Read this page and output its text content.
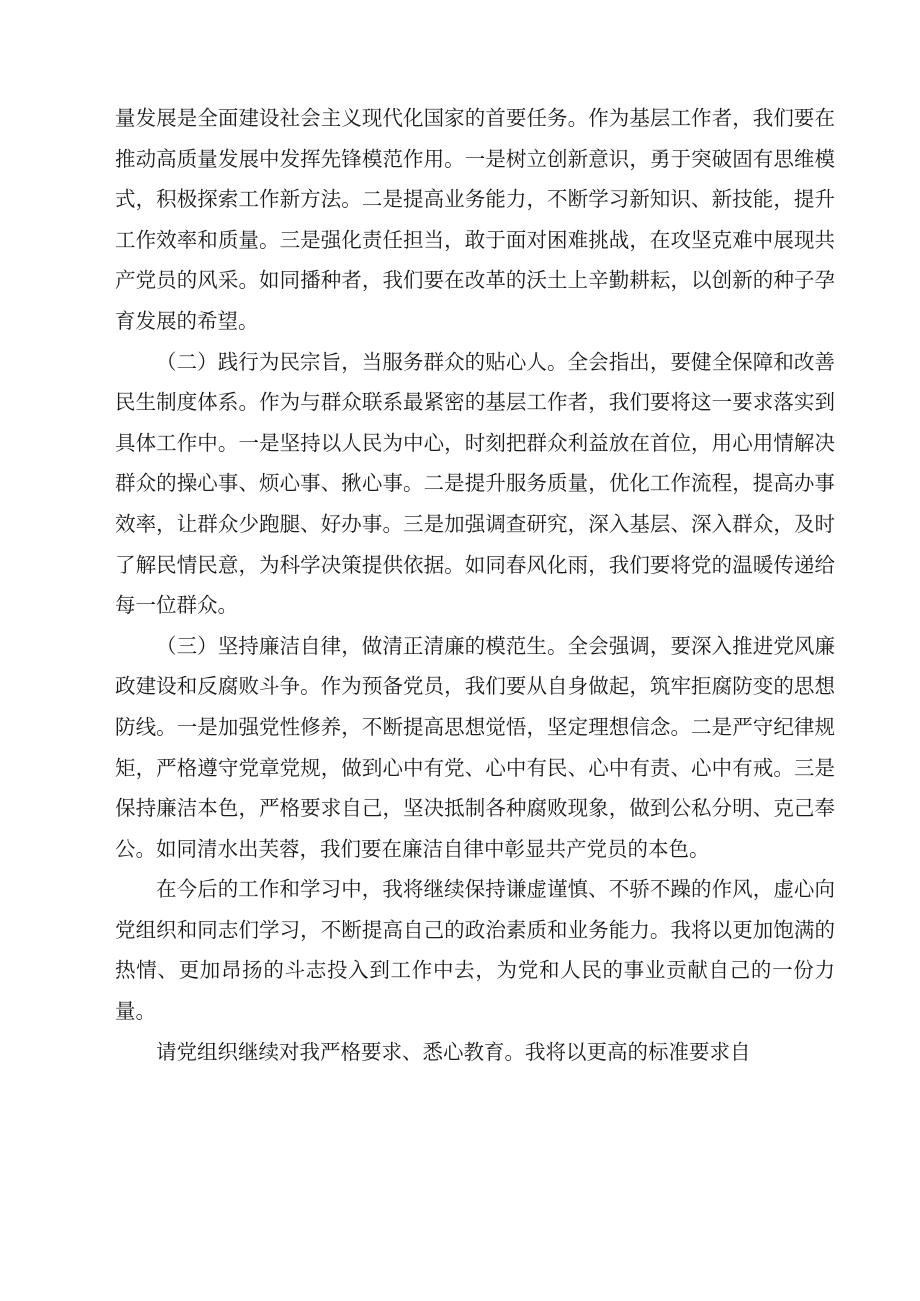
量发展是全面建设社会主义现代化国家的首要任务。作为基层工作者，我们要在推动高质量发展中发挥先锋模范作用。一是树立创新意识，勇于突破固有思维模式，积极探索工作新方法。二是提高业务能力，不断学习新知识、新技能，提升工作效率和质量。三是强化责任担当，敢于面对困难挑战，在攻坚克难中展现共产党员的风采。如同播种者，我们要在改革的沃土上辛勤耕耘，以创新的种子孕育发展的希望。

（二）践行为民宗旨，当服务群众的贴心人。全会指出，要健全保障和改善民生制度体系。作为与群众联系最紧密的基层工作者，我们要将这一要求落实到具体工作中。一是坚持以人民为中心，时刻把群众利益放在首位，用心用情解决群众的操心事、烦心事、揪心事。二是提升服务质量，优化工作流程，提高办事效率，让群众少跑腿、好办事。三是加强调查研究，深入基层、深入群众，及时了解民情民意，为科学决策提供依据。如同春风化雨，我们要将党的温暖传递给每一位群众。

（三）坚持廉洁自律，做清正清廉的模范生。全会强调，要深入推进党风廉政建设和反腐败斗争。作为预备党员，我们要从自身做起，筑牢拒腐防变的思想防线。一是加强党性修养，不断提高思想觉悟，坚定理想信念。二是严守纪律规矩，严格遵守党章党规，做到心中有党、心中有民、心中有责、心中有戒。三是保持廉洁本色，严格要求自己，坚决抵制各种腐败现象，做到公私分明、克己奉公。如同清水出芙蓉，我们要在廉洁自律中彰显共产党员的本色。

在今后的工作和学习中，我将继续保持谦虚谨慎、不骄不躁的作风，虚心向党组织和同志们学习，不断提高自己的政治素质和业务能力。我将以更加饱满的热情、更加昂扬的斗志投入到工作中去，为党和人民的事业贡献自己的一份力量。

请党组织继续对我严格要求、悉心教育。我将以更高的标准要求自
